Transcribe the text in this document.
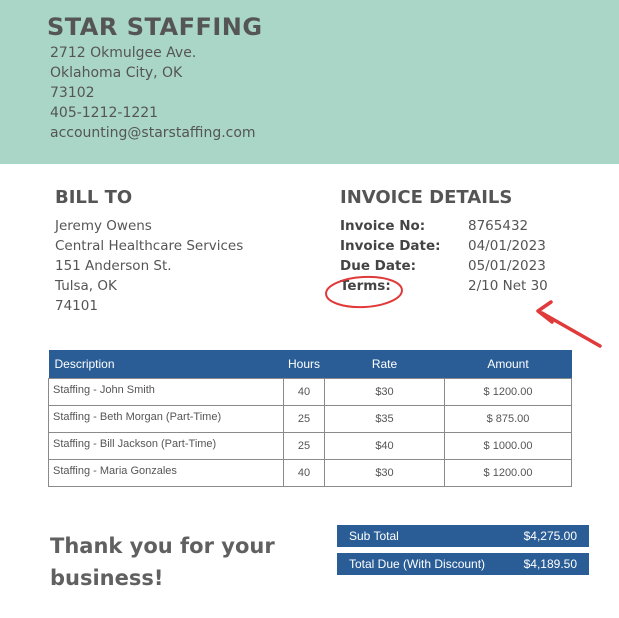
STAR STAFFING
2712 Okmulgee Ave.
Oklahoma City, OK
73102
405-1212-1221
accounting@starstaffing.com
BILL TO
Jeremy Owens
Central Healthcare Services
151 Anderson St.
Tulsa, OK
74101
INVOICE DETAILS
Invoice No:	8765432
Invoice Date: 04/01/2023
Due Date:	05/01/2023
Terms:	2/10 Net 30
Description	Hours	Rate	Amount
Staffing - John Smith	40	$30	$ 1200.00
Staffing - Beth Morgan (Part-Time)	25	$35	$ 875.00
Staffing - Bill Jackson (Part-Time)	25	$40	$ 1000.00
Staffing - Maria Gonzales	40	$30	$ 1200.00
Thank you for your business!
Sub Total	$4,275.00
Total Due (With Discount)	$4,189.50
